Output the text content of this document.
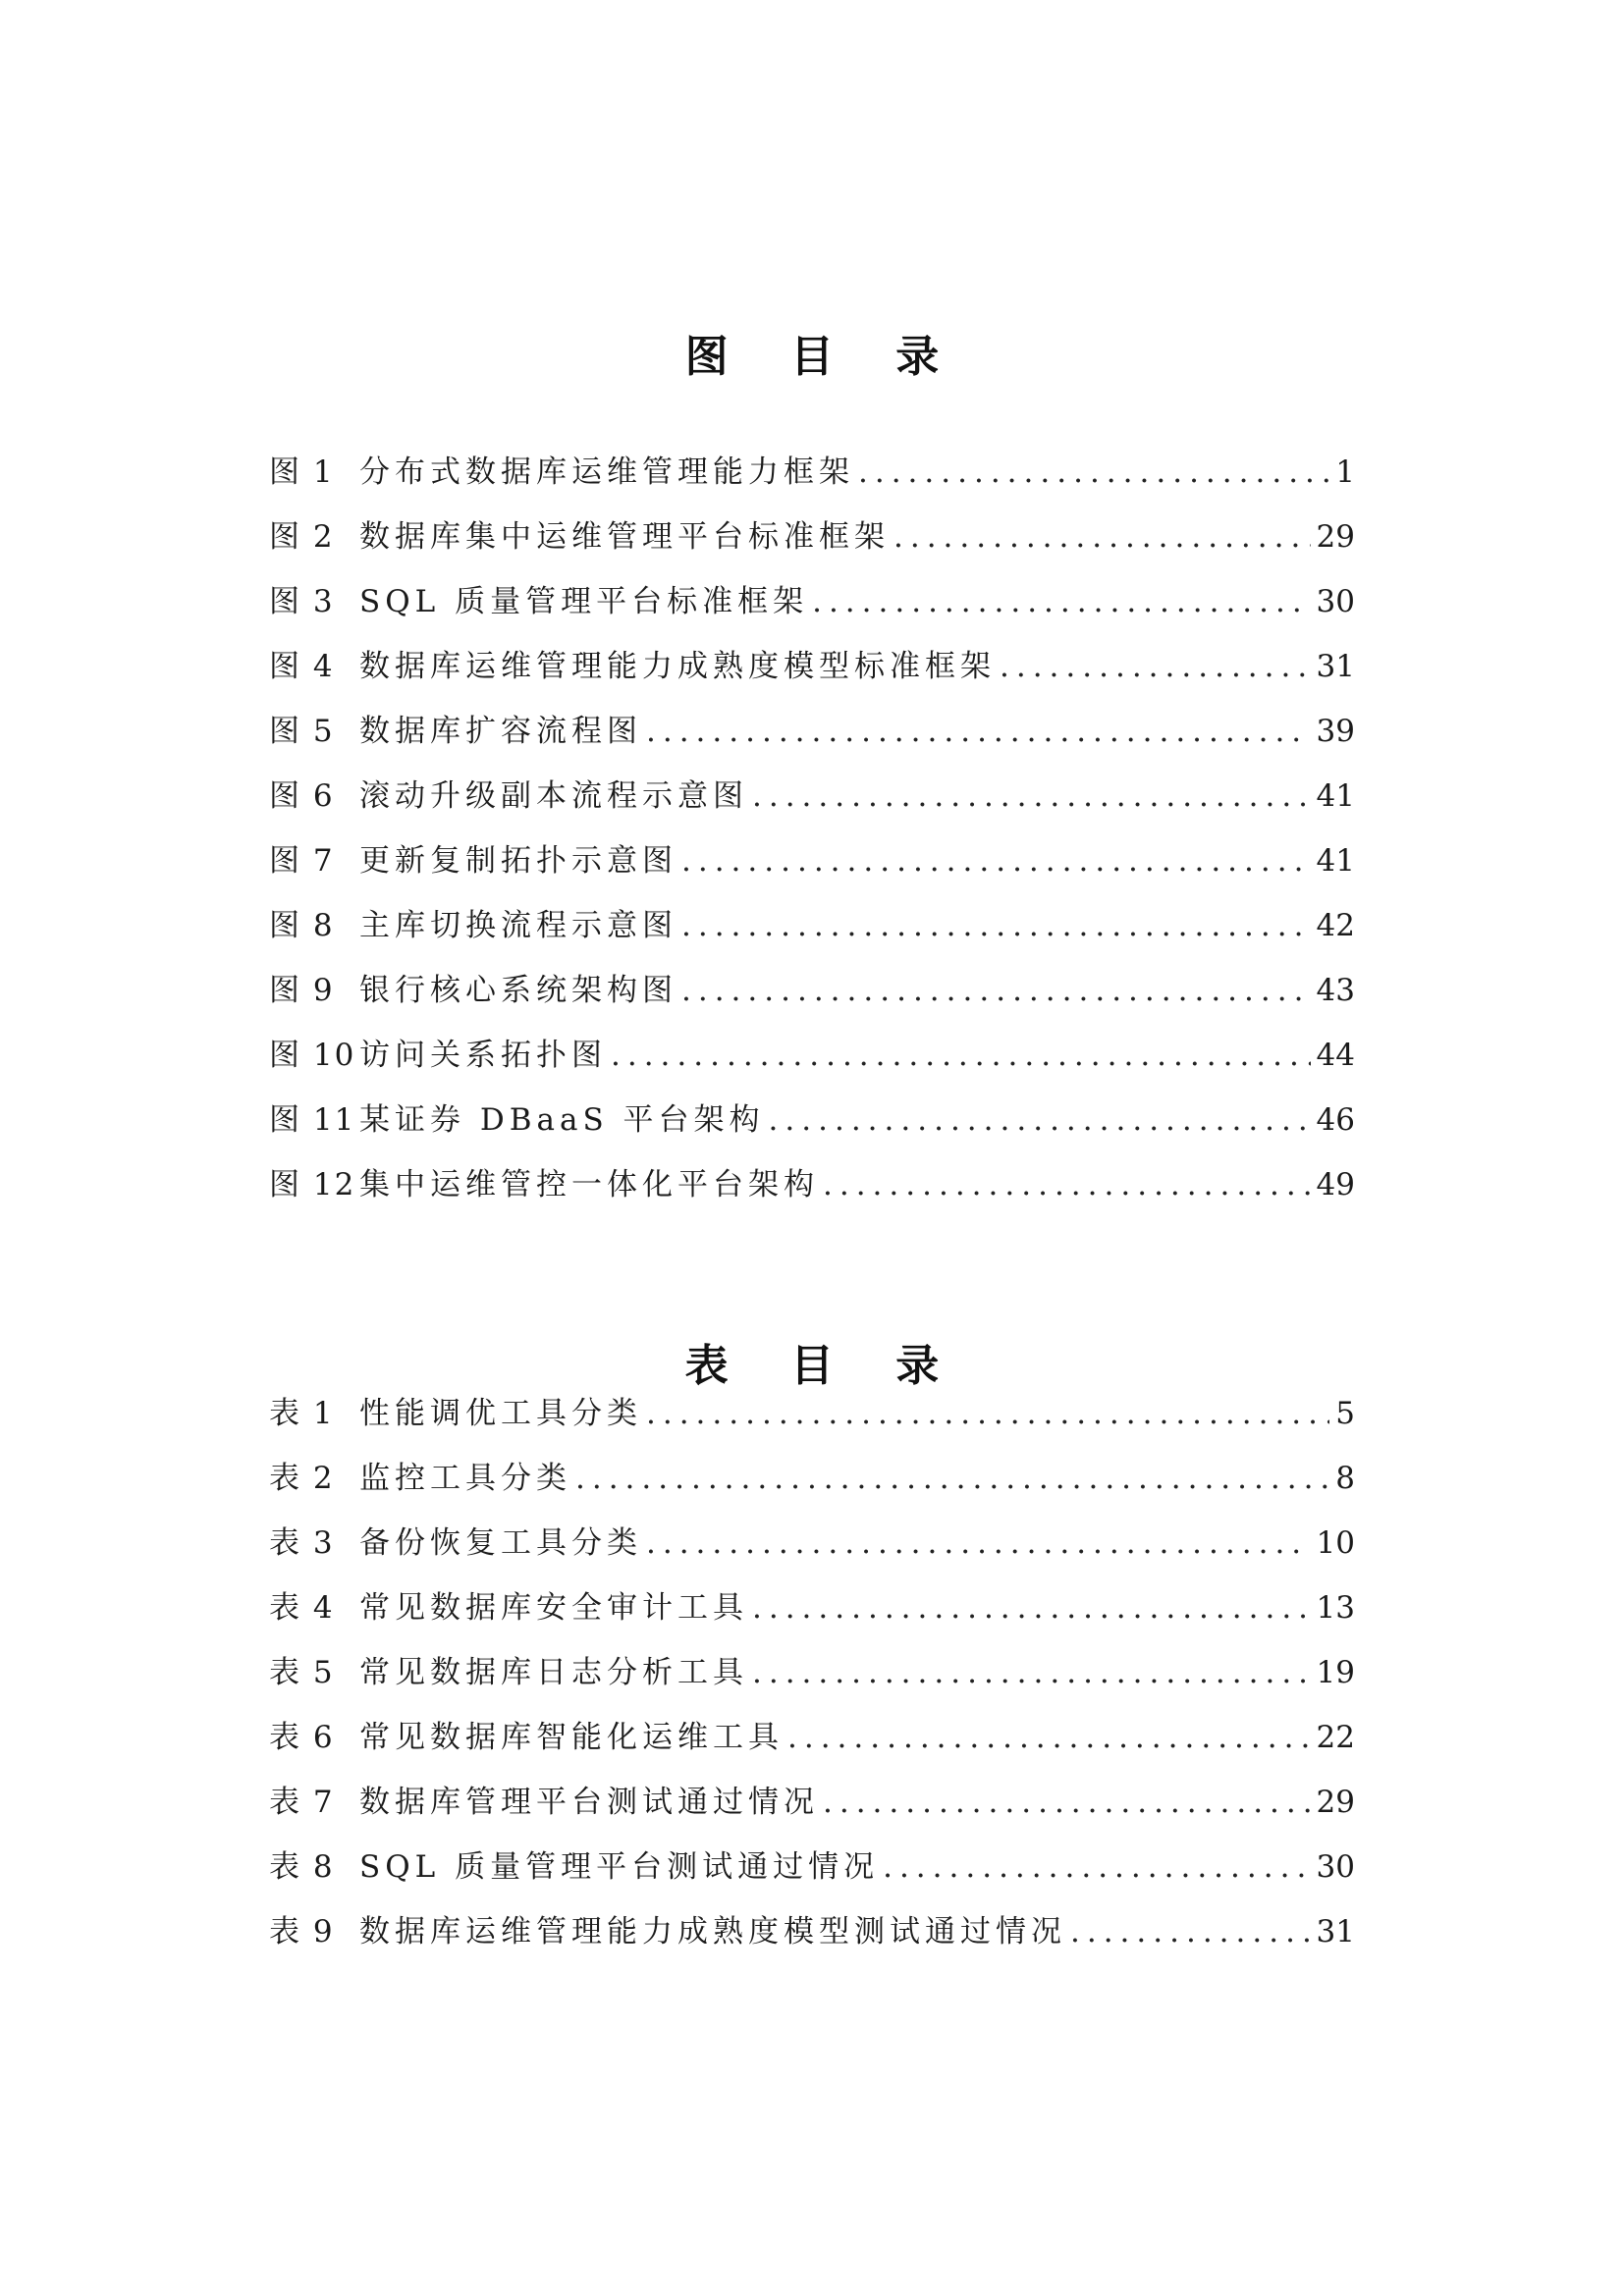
图 目 录
图 1 分布式数据库运维管理能力框架 .....	1
图 2 数据库集中运维管理平台标准框架 .....	29
图 3 SQL 质量管理平台标准框架 .....	30
图 4 数据库运维管理能力成熟度模型标准框架 .....	31
图 5 数据库扩容流程图 .....	39
图 6 滚动升级副本流程示意图 .....	41
图 7 更新复制拓扑示意图 .....	41
图 8 主库切换流程示意图 .....	42
图 9 银行核心系统架构图 .....	43
图 10 访问关系拓扑图 .....	44
图 11 某证券 DBaaS 平台架构 .....	46
图 12 集中运维管控一体化平台架构 .....	49
表 目 录
表 1 性能调优工具分类 .....	5
表 2 监控工具分类 .....	8
表 3 备份恢复工具分类 .....	10
表 4 常见数据库安全审计工具 .....	13
表 5 常见数据库日志分析工具 .....	19
表 6 常见数据库智能化运维工具 .....	22
表 7 数据库管理平台测试通过情况 .....	29
表 8 SQL 质量管理平台测试通过情况 .....	30
表 9 数据库运维管理能力成熟度模型测试通过情况 .....	31
